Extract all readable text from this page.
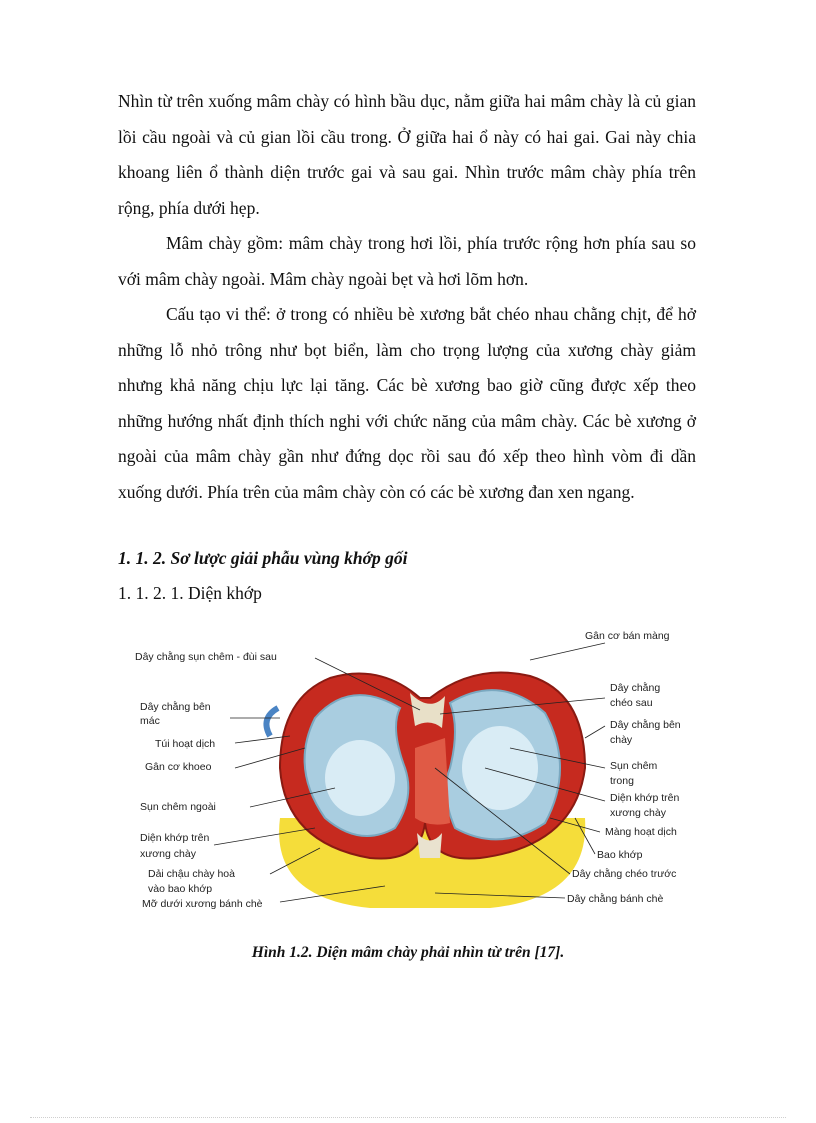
Nhìn từ trên xuống mâm chày có hình bầu dục, nằm giữa hai mâm chày là củ gian lồi cầu ngoài và củ gian lồi cầu trong. Ở giữa hai ổ này có hai gai. Gai này chia khoang liên ổ thành diện trước gai và sau gai. Nhìn trước mâm chày phía trên rộng, phía dưới hẹp.

Mâm chày gồm: mâm chày trong hơi lồi, phía trước rộng hơn phía sau so với mâm chày ngoài. Mâm chày ngoài bẹt và hơi lõm hơn.

Cấu tạo vi thể: ở trong có nhiều bè xương bắt chéo nhau chằng chịt, để hở những lỗ nhỏ trông như bọt biển, làm cho trọng lượng của xương chày giảm nhưng khả năng chịu lực lại tăng. Các bè xương bao giờ cũng được xếp theo những hướng nhất định thích nghi với chức năng của mâm chày. Các bè xương ở ngoài của mâm chày gần như đứng dọc rồi sau đó xếp theo hình vòm đi dần xuống dưới. Phía trên của mâm chày còn có các bè xương đan xen ngang.

1. 1. 2. Sơ lược giải phẫu vùng khớp gối

1. 1. 2. 1. Diện khớp

Dây chằng sụn chêm - đùi sau
Dây chằng bên
mác
Túi hoạt dịch
Gân cơ khoeo
Sụn chêm ngoài
Diện khớp trên
xương chày
Dải chậu chày hoà
vào bao khớp
Mỡ dưới xương bánh chè
Gân cơ bán màng
Dây chằng
chéo sau
Dây chằng bên
chày
Sụn chêm
trong
Diện khớp trên
xương chày
Màng hoạt dịch
Bao khớp
Dây chằng chéo trước
Dây chằng bánh chè

Hình 1.2. Diện mâm chày phải nhìn từ trên [17].
